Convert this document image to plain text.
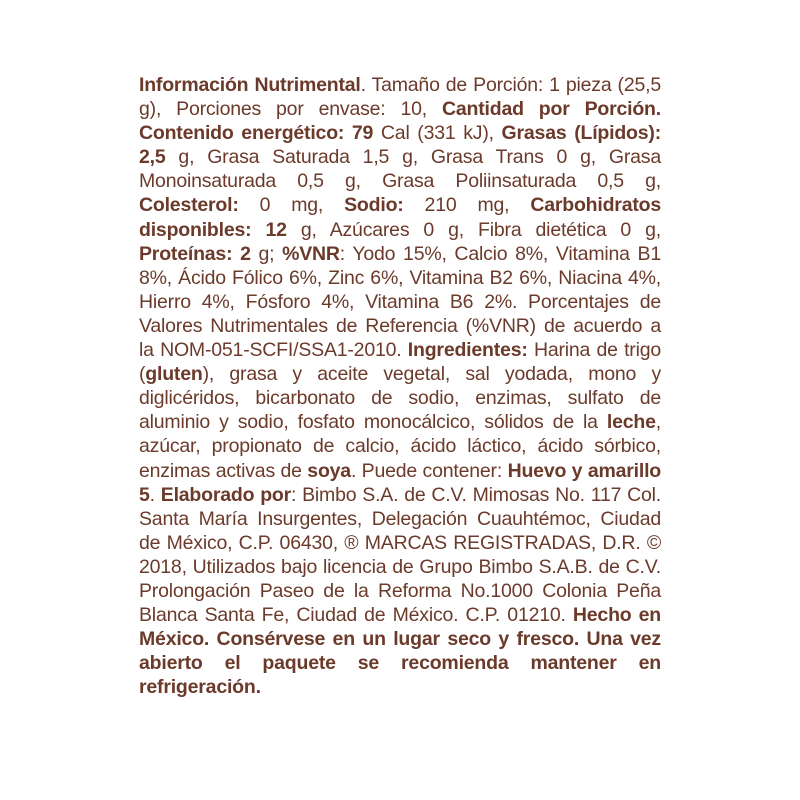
Información Nutrimental. Tamaño de Porción: 1 pieza (25,5 g), Porciones por envase: 10, Cantidad por Porción. Contenido energético: 79 Cal (331 kJ), Grasas (Lípidos): 2,5 g, Grasa Saturada 1,5 g, Grasa Trans 0 g, Grasa Monoinsaturada 0,5 g, Grasa Poliinsaturada 0,5 g, Colesterol: 0 mg, Sodio: 210 mg, Carbohidratos disponibles: 12 g, Azúcares 0 g, Fibra dietética 0 g, Proteínas: 2 g; %VNR: Yodo 15%, Calcio 8%, Vitamina B1 8%, Ácido Fólico 6%, Zinc 6%, Vitamina B2 6%, Niacina 4%, Hierro 4%, Fósforo 4%, Vitamina B6 2%. Porcentajes de Valores Nutrimentales de Referencia (%VNR) de acuerdo a la NOM-051-SCFI/SSA1-2010. Ingredientes: Harina de trigo (gluten), grasa y aceite vegetal, sal yodada, mono y diglicéridos, bicarbonato de sodio, enzimas, sulfato de aluminio y sodio, fosfato monocálcico, sólidos de la leche, azúcar, propionato de calcio, ácido láctico, ácido sórbico, enzimas activas de soya. Puede contener: Huevo y amarillo 5. Elaborado por: Bimbo S.A. de C.V. Mimosas No. 117 Col. Santa María Insurgentes, Delegación Cuauhtémoc, Ciudad de México, C.P. 06430, ® MARCAS REGISTRADAS, D.R. © 2018, Utilizados bajo licencia de Grupo Bimbo S.A.B. de C.V. Prolongación Paseo de la Reforma No.1000 Colonia Peña Blanca Santa Fe, Ciudad de México. C.P. 01210. Hecho en México. Consérvese en un lugar seco y fresco. Una vez abierto el paquete se recomienda mantener en refrigeración.
